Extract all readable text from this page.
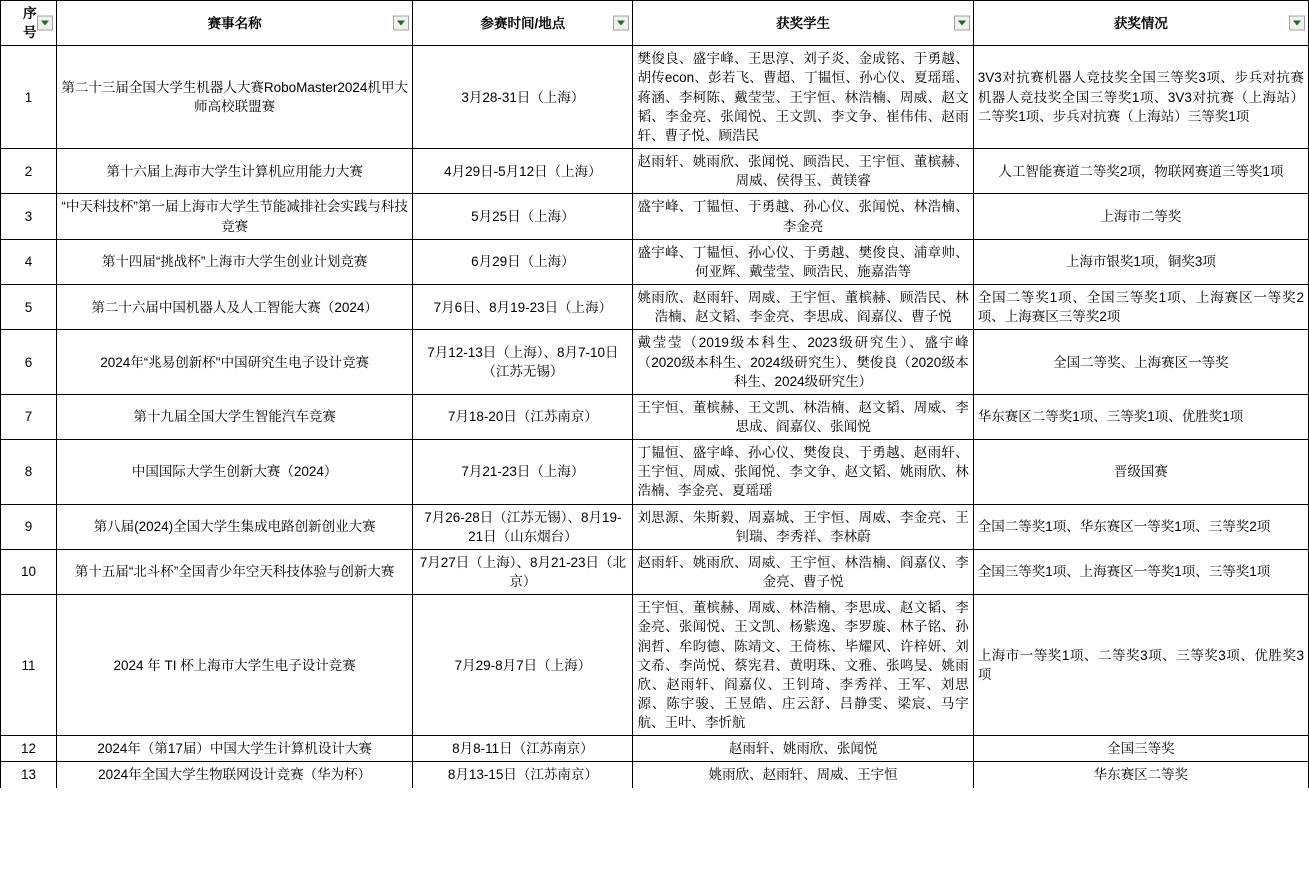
序号	赛事名称	参赛时间/地点	获奖学生	获奖情况

1	第二十三届全国大学生机器人大赛RoboMaster2024机甲大师高校联盟赛	3月28-31日（上海）	樊俊良、盛宇峰、王思淳、刘子炎、金成铭、于勇越、胡传econ、彭若飞、曹超、丁韫恒、孙心仪、夏瑶瑶、蒋涵、李柯陈、戴莹莹、王宇恒、林浩楠、周威、赵文韬、李金亮、张闻悦、王文凯、李文争、崔伟伟、赵雨轩、曹子悦、顾浩民	3V3对抗赛机器人竞技奖全国三等奖3项、步兵对抗赛机器人竞技奖全国三等奖1项、3V3对抗赛（上海站）二等奖1项、步兵对抗赛（上海站）三等奖1项
2	第十六届上海市大学生计算机应用能力大赛	4月29日-5月12日（上海）	赵雨轩、姚雨欣、张闻悦、顾浩民、王宇恒、董槟赫、周威、侯得玉、黄镁睿	人工智能赛道二等奖2项，物联网赛道三等奖1项
3	“中天科技杯”第一届上海市大学生节能减排社会实践与科技竞赛	5月25日（上海）	盛宇峰、丁韫恒、于勇越、孙心仪、张闻悦、林浩楠、李金亮	上海市二等奖
4	第十四届“挑战杯”上海市大学生创业计划竞赛	6月29日（上海）	盛宇峰、丁韫恒、孙心仪、于勇越、樊俊良、浦章帅、何亚辉、戴莹莹、顾浩民、施嘉浩等	上海市银奖1项，铜奖3项
5	第二十六届中国机器人及人工智能大赛（2024）	7月6日、8月19-23日（上海）	姚雨欣、赵雨轩、周威、王宇恒、董槟赫、顾浩民、林浩楠、赵文韬、李金亮、李思成、阎嘉仪、曹子悦	全国二等奖1项、全国三等奖1项、上海赛区一等奖2项、上海赛区三等奖2项
6	2024年“兆易创新杯"中国研究生电子设计竞赛	7月12-13日（上海）、8月7-10日（江苏无锡）	戴莹莹（2019级本科生、2023级研究生）、盛宇峰（2020级本科生、2024级研究生）、樊俊良（2020级本科生、2024级研究生）	全国二等奖、上海赛区一等奖
7	第十九届全国大学生智能汽车竞赛	7月18-20日（江苏南京）	王宇恒、董槟赫、王文凯、林浩楠、赵文韬、周威、李思成、阎嘉仪、张闻悦	华东赛区二等奖1项、三等奖1项、优胜奖1项
8	中国国际大学生创新大赛（2024）	7月21-23日（上海）	丁韫恒、盛宇峰、孙心仪、樊俊良、于勇越、赵雨轩、王宇恒、周威、张闻悦、李文争、赵文韬、姚雨欣、林浩楠、李金亮、夏瑶瑶	晋级国赛
9	第八届(2024)全国大学生集成电路创新创业大赛	7月26-28日（江苏无锡）、8月19-21日（山东烟台）	刘思源、朱斯毅、周嘉城、王宇恒、周威、李金亮、王钊瑞、李秀祥、李林蔚	全国二等奖1项、华东赛区一等奖1项、三等奖2项
10	第十五届“北斗杯”全国青少年空天科技体验与创新大赛	7月27日（上海）、8月21-23日（北京）	赵雨轩、姚雨欣、周威、王宇恒、林浩楠、阎嘉仪、李金亮、曹子悦	全国三等奖1项、上海赛区一等奖1项、三等奖1项
11	2024 年 TI 杯上海市大学生电子设计竞赛	7月29-8月7日（上海）	王宇恒、董槟赫、周威、林浩楠、李思成、赵文韬、李金亮、张闻悦、王文凯、杨紫逸、李罗璇、林子铭、孙润哲、牟昀德、陈靖文、王倚栋、毕耀风、许梓妍、刘文希、李尚悦、蔡宪君、黄明珠、文雅、张鸣旻、姚雨欣、赵雨轩、阎嘉仪、王钊琦、李秀祥、王军、刘思源、陈宇骏、王昱皓、庄云舒、吕静雯、梁宸、马宇航、王叶、李忻航	上海市一等奖1项、二等奖3项、三等奖3项、优胜奖3项
12	2024年（第17届）中国大学生计算机设计大赛	8月8-11日（江苏南京）	赵雨轩、姚雨欣、张闻悦	全国三等奖
13	2024年全国大学生物联网设计竞赛（华为杯）	8月13-15日（江苏南京）	姚雨欣、赵雨轩、周威、王宇恒	华东赛区二等奖
